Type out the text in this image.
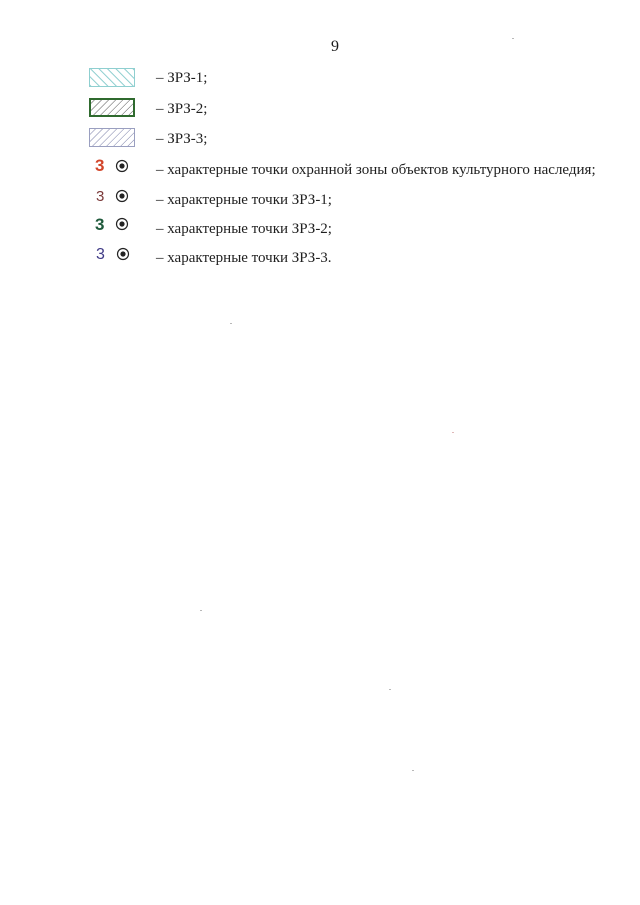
9
– ЗРЗ-1;
– ЗРЗ-2;
– ЗРЗ-3;
3	– характерные точки охранной зоны объектов культурного наследия;
3	– характерные точки ЗРЗ-1;
3	– характерные точки ЗРЗ-2;
3	– характерные точки ЗРЗ-3.
